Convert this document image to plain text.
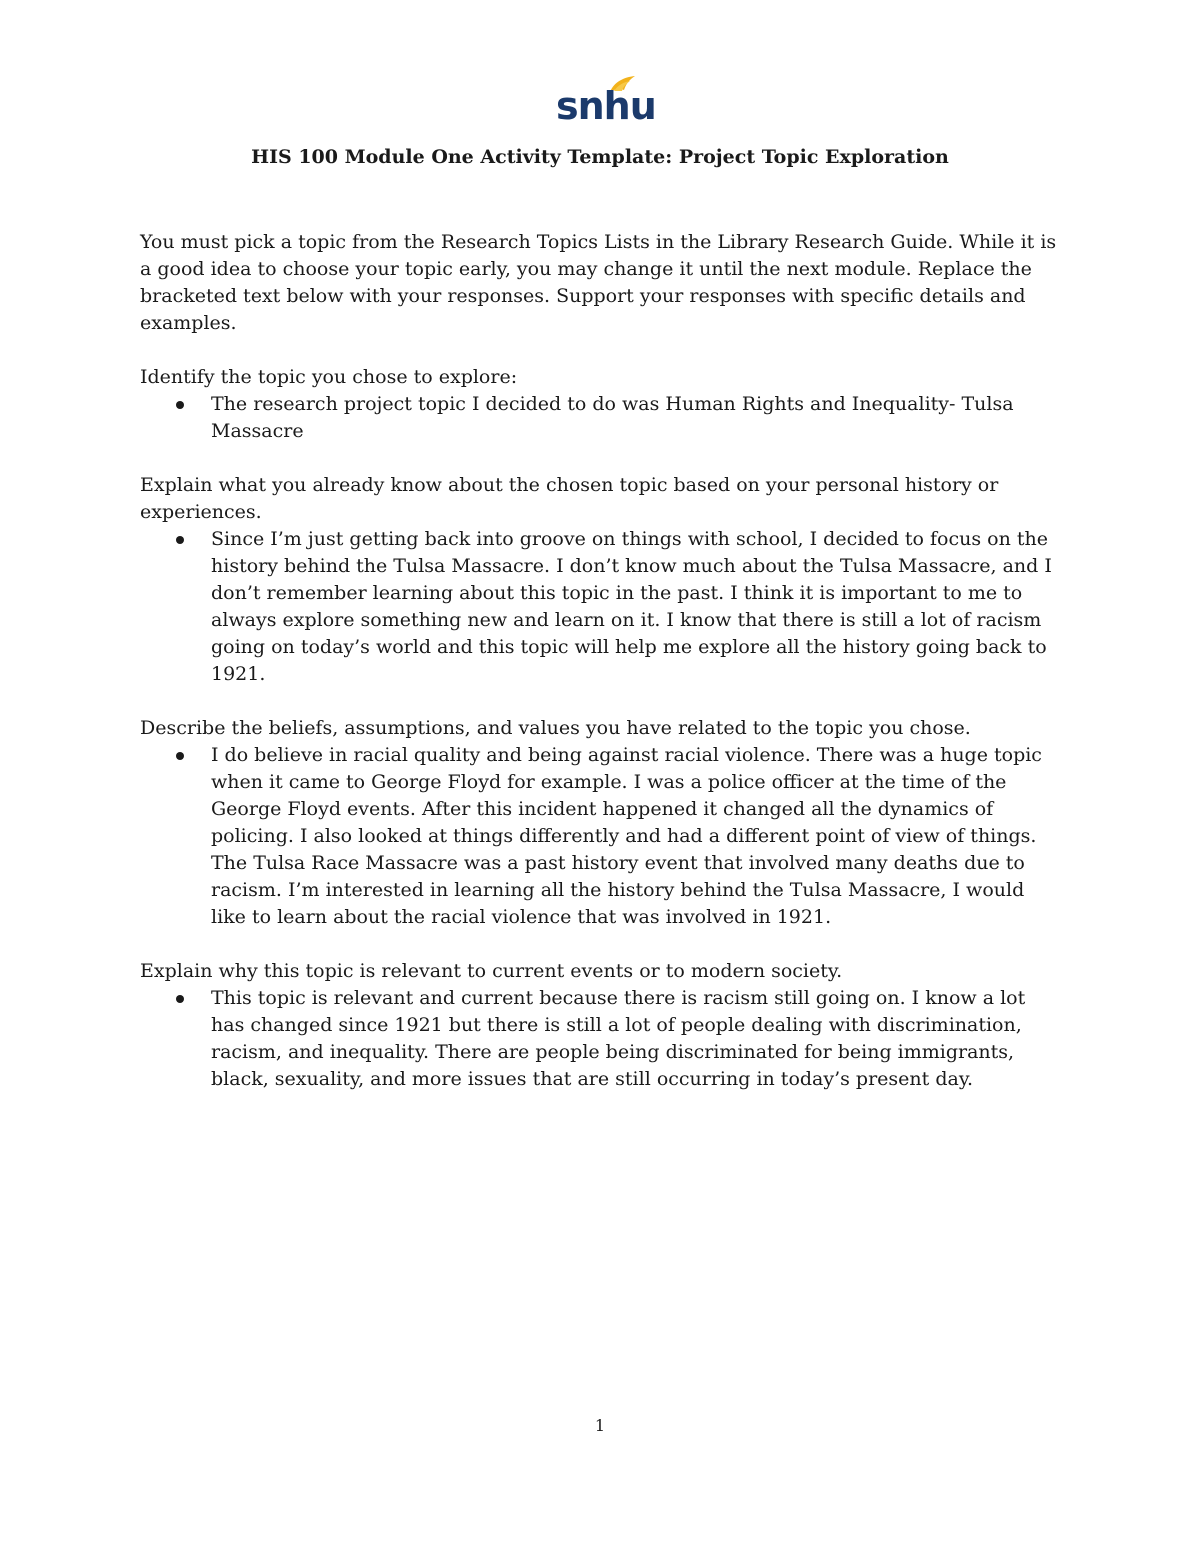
snhu
HIS 100 Module One Activity Template: Project Topic Exploration

You must pick a topic from the Research Topics Lists in the Library Research Guide. While it is a good idea to choose your topic early, you may change it until the next module. Replace the bracketed text below with your responses. Support your responses with specific details and examples.

Identify the topic you chose to explore:

The research project topic I decided to do was Human Rights and Inequality- Tulsa Massacre

Explain what you already know about the chosen topic based on your personal history or experiences.

Since I’m just getting back into groove on things with school, I decided to focus on the history behind the Tulsa Massacre. I don’t know much about the Tulsa Massacre, and I don’t remember learning about this topic in the past. I think it is important to me to always explore something new and learn on it. I know that there is still a lot of racism going on today’s world and this topic will help me explore all the history going back to 1921.

Describe the beliefs, assumptions, and values you have related to the topic you chose.

I do believe in racial quality and being against racial violence. There was a huge topic when it came to George Floyd for example. I was a police officer at the time of the George Floyd events. After this incident happened it changed all the dynamics of policing. I also looked at things differently and had a different point of view of things. The Tulsa Race Massacre was a past history event that involved many deaths due to racism. I’m interested in learning all the history behind the Tulsa Massacre, I would like to learn about the racial violence that was involved in 1921.

Explain why this topic is relevant to current events or to modern society.

This topic is relevant and current because there is racism still going on. I know a lot has changed since 1921 but there is still a lot of people dealing with discrimination, racism, and inequality. There are people being discriminated for being immigrants, black, sexuality, and more issues that are still occurring in today’s present day.

1
